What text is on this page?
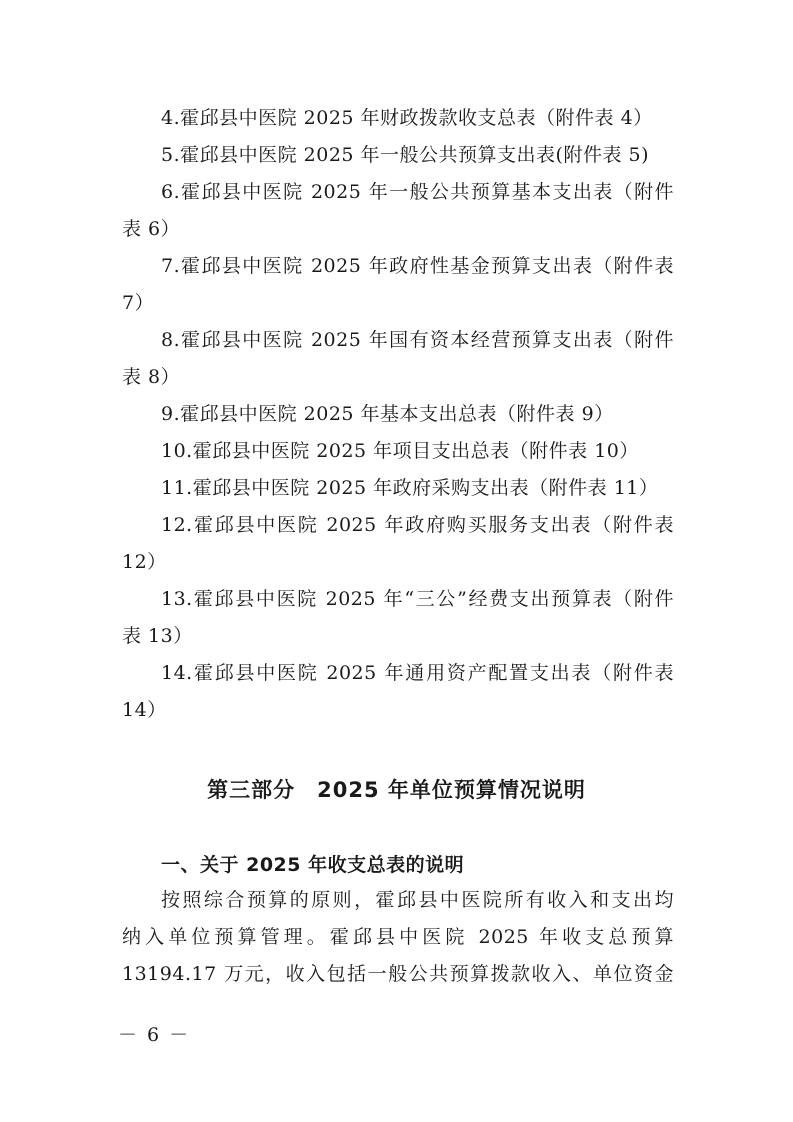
4.霍邱县中医院 2025 年财政拨款收支总表（附件表 4）
5.霍邱县中医院 2025 年一般公共预算支出表(附件表 5)
6.霍邱县中医院 2025 年一般公共预算基本支出表（附件
表 6）
7.霍邱县中医院 2025 年政府性基金预算支出表（附件表
7）
8.霍邱县中医院 2025 年国有资本经营预算支出表（附件
表 8）
9.霍邱县中医院 2025 年基本支出总表（附件表 9）
10.霍邱县中医院 2025 年项目支出总表（附件表 10）
11.霍邱县中医院 2025 年政府采购支出表（附件表 11）
12.霍邱县中医院 2025 年政府购买服务支出表（附件表
12）
13.霍邱县中医院 2025 年“三公”经费支出预算表（附件
表 13）
14.霍邱县中医院 2025 年通用资产配置支出表（附件表
14）
第三部分　2025 年单位预算情况说明
一、关于 2025 年收支总表的说明
按照综合预算的原则，霍邱县中医院所有收入和支出均
纳入单位预算管理。霍邱县中医院 2025 年收支总预算
13194.17 万元，收入包括一般公共预算拨款收入、单位资金
－ 6 －
